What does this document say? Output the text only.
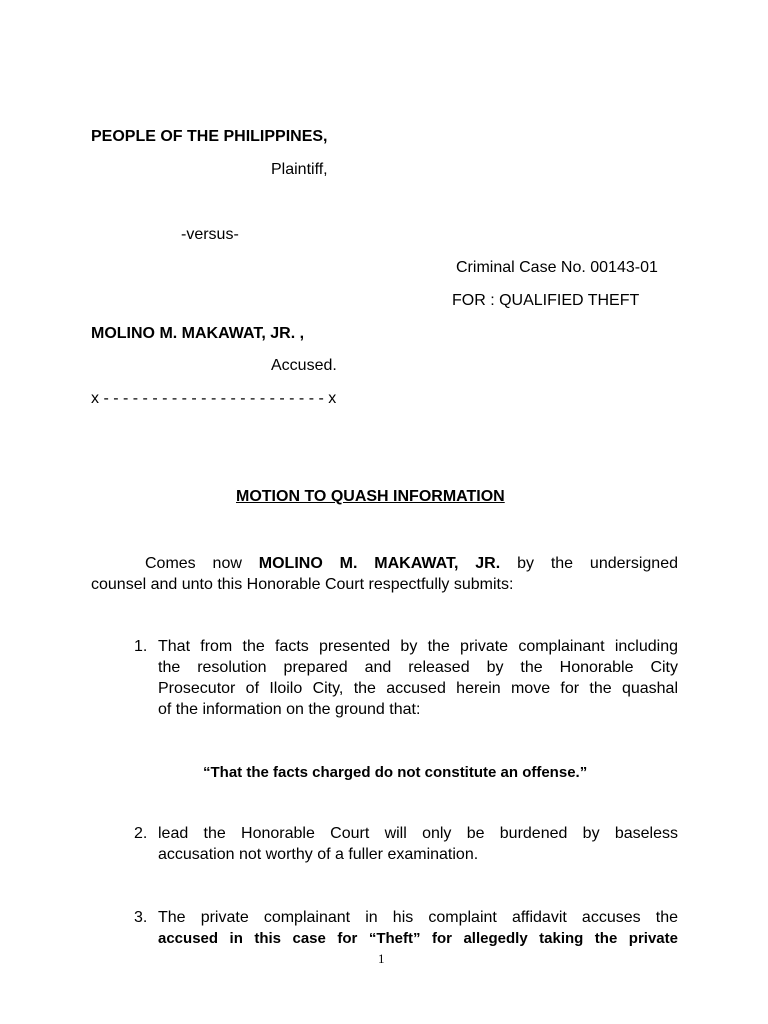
PEOPLE OF THE PHILIPPINES,
Plaintiff,
-versus-
Criminal Case No. 00143-01
FOR : QUALIFIED THEFT
MOLINO M. MAKAWAT, JR. ,
Accused.
x - - - - - - - - - - - - - - - - - - - - - - - x
MOTION TO QUASH INFORMATION
Comes now MOLINO M. MAKAWAT, JR. by the undersigned
counsel and unto this Honorable Court respectfully submits:
1. That from the facts presented by the private complainant including
the resolution prepared and released by the Honorable City
Prosecutor of Iloilo City, the accused herein move for the quashal
of the information on the ground that:
“That the facts charged do not constitute an offense.”
2. lead the Honorable Court will only be burdened by baseless
accusation not worthy of a fuller examination.
3. The private complainant in his complaint affidavit accuses the
accused in this case for “Theft” for allegedly taking the private
1
